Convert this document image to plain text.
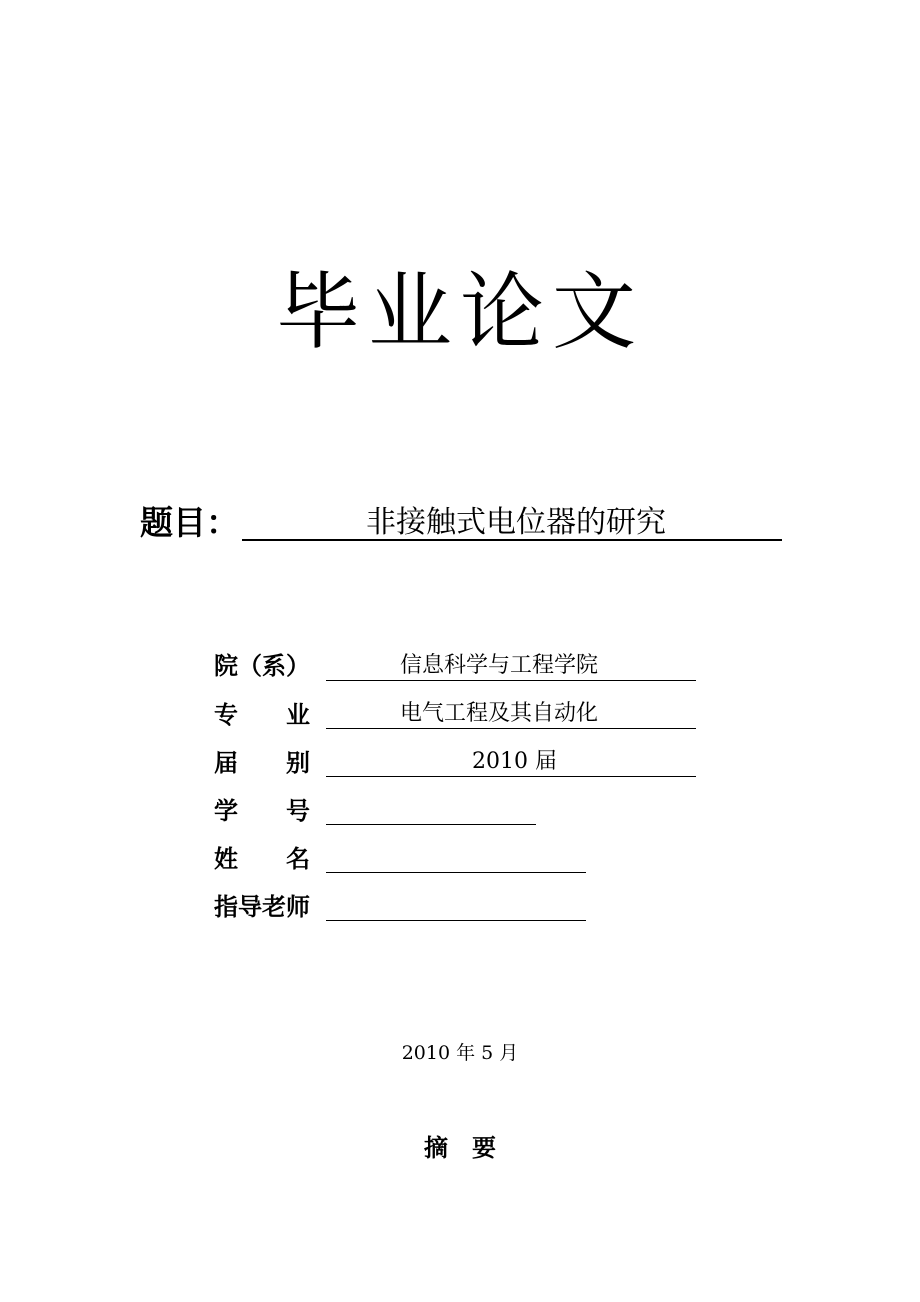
毕业论文
题目：	非接触式电位器的研究
院（系）	信息科学与工程学院
专　　业	电气工程及其自动化
届　　别	2010 届
学　　号
姓　　名
指导老师
2010 年 5 月
摘　要
